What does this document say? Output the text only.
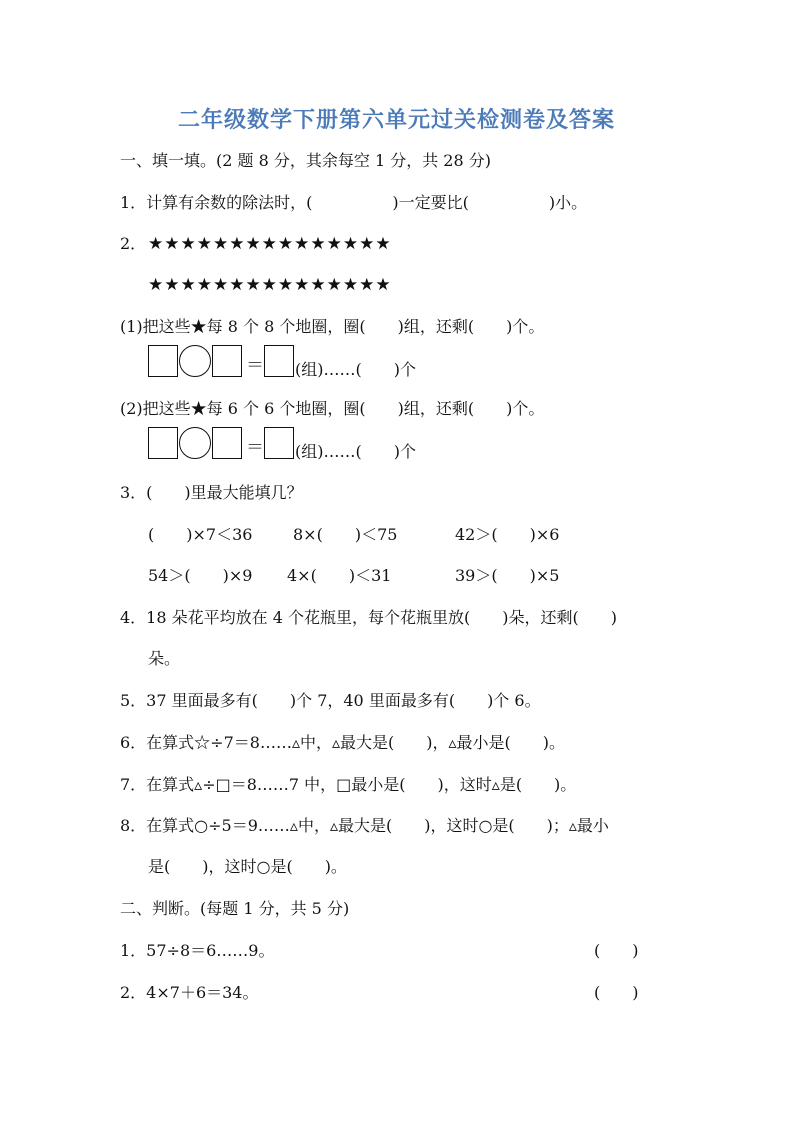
二年级数学下册第六单元过关检测卷及答案
一、填一填。(2 题 8 分，其余每空 1 分，共 28 分)
1．计算有余数的除法时，(　　　　　)一定要比(　　　　　)小。
2． ★★★★★★★★★★★★★★★
★★★★★★★★★★★★★★★
(1)把这些★每 8 个 8 个地圈，圈(　　)组，还剩(　　)个。
＝ (组)……(　　)个
(2)把这些★每 6 个 6 个地圈，圈(　　)组，还剩(　　)个。
＝ (组)……(　　)个
3．(　　)里最大能填几？
(　　)×7＜36	8×(　　)＜75	42＞(　　)×6
54＞(　　)×9 4×(　　)＜31	39＞(　　)×5
4．18 朵花平均放在 4 个花瓶里，每个花瓶里放(　　)朵，还剩(　　)
朵。
5．37 里面最多有(　　)个 7，40 里面最多有(　　)个 6。
6．在算式☆÷7＝8……▵中，▵最大是(　　)，▵最小是(　　)。
7．在算式▵÷□＝8……7 中，□最小是(　　)，这时▵是(　　)。
8．在算式○÷5＝9……▵中，▵最大是(　　)，这时○是(　　)；▵最小
是(　　)，这时○是(　　)。
二、判断。(每题 1 分，共 5 分)
1．57÷8＝6……9。	(　　)
2．4×7＋6＝34。	(　　)
